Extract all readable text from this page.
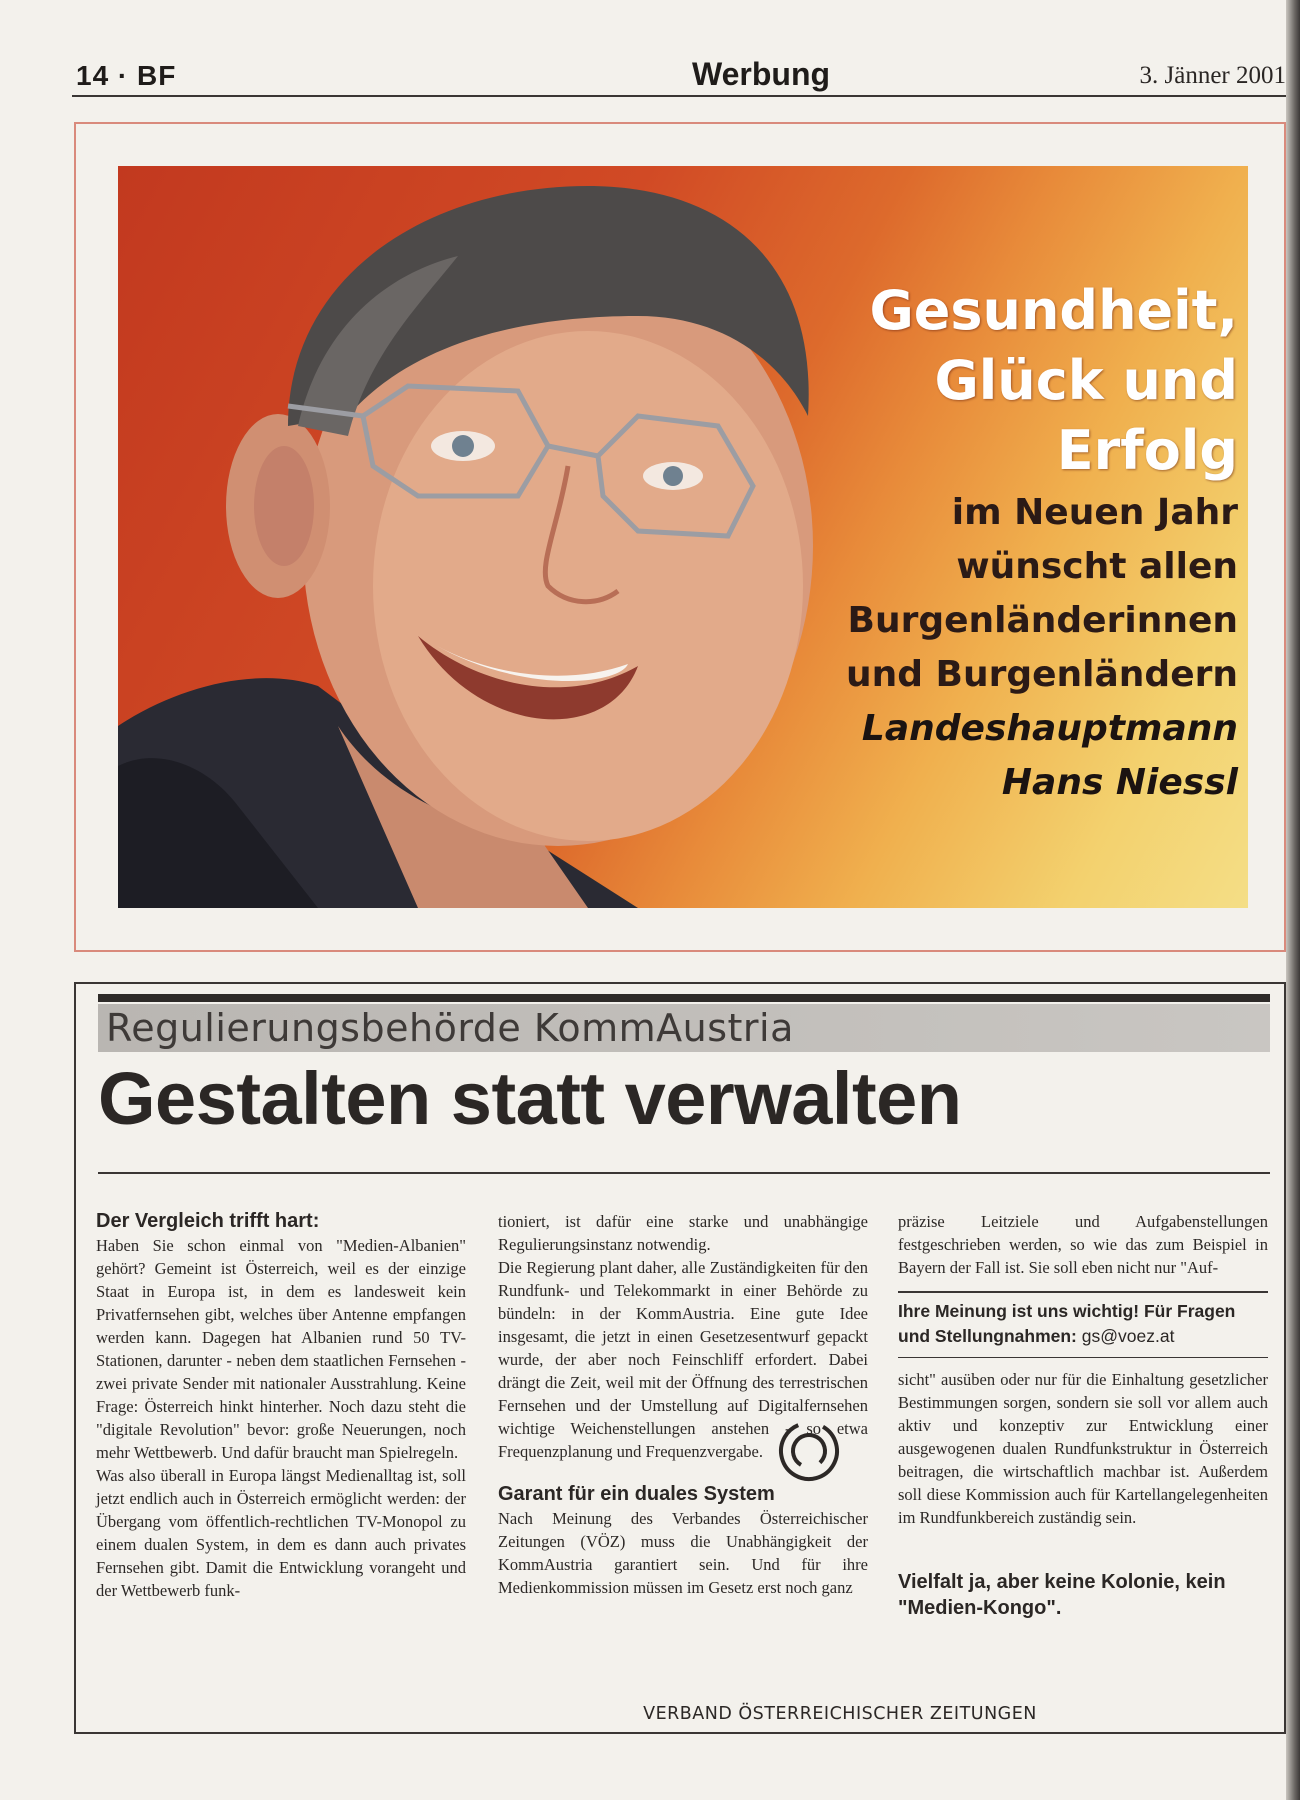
14 · BF	Werbung	3. Jänner 2001
Gesundheit,
Glück und
Erfolg
im Neuen Jahr
wünscht allen
Burgenländerinnen
und Burgenländern
Landeshauptmann
Hans Niessl
Regulierungsbehörde KommAustria
Gestalten statt verwalten
Der Vergleich trifft hart:

Haben Sie schon einmal von "Medien-Albanien" gehört? Gemeint ist Österreich, weil es der einzige Staat in Europa ist, in dem es landesweit kein Privatfernsehen gibt, welches über Antenne empfangen werden kann. Dagegen hat Albanien rund 50 TV-Stationen, darunter - neben dem staatlichen Fernsehen - zwei private Sender mit nationaler Ausstrahlung. Keine Frage: Österreich hinkt hinterher. Noch dazu steht die "digitale Revolution" bevor: große Neuerungen, noch mehr Wettbewerb. Und dafür braucht man Spielregeln.

Was also überall in Europa längst Medienalltag ist, soll jetzt endlich auch in Österreich ermöglicht werden: der Übergang vom öffentlich-rechtlichen TV-Monopol zu einem dualen System, in dem es dann auch privates Fernsehen gibt. Damit die Entwicklung vorangeht und der Wettbewerb funk-

tioniert, ist dafür eine starke und unabhängige Regulierungsinstanz notwendig.

Die Regierung plant daher, alle Zuständigkeiten für den Rundfunk- und Telekommarkt in einer Behörde zu bündeln: in der KommAustria. Eine gute Idee insgesamt, die jetzt in einen Gesetzesentwurf gepackt wurde, der aber noch Feinschliff erfordert. Dabei drängt die Zeit, weil mit der Öffnung des terrestrischen Fernsehen und der Umstellung auf Digitalfernsehen wichtige Weichenstellungen anstehen - so etwa Frequenzplanung und Frequenzvergabe.

Garant für ein duales System

Nach Meinung des Verbandes Österreichischer Zeitungen (VÖZ) muss die Unabhängigkeit der KommAustria garantiert sein. Und für ihre Medienkommission müssen im Gesetz erst noch ganz

präzise Leitziele und Aufgabenstellungen festgeschrieben werden, so wie das zum Beispiel in Bayern der Fall ist. Sie soll eben nicht nur "Auf-

Ihre Meinung ist uns wichtig! Für Fragen und Stellungnahmen: gs@voez.at

sicht" ausüben oder nur für die Einhaltung gesetzlicher Bestimmungen sorgen, sondern sie soll vor allem auch aktiv und konzeptiv zur Entwicklung einer ausgewogenen dualen Rundfunkstruktur in Österreich beitragen, die wirtschaftlich machbar ist. Außerdem soll diese Kommission auch für Kartellangelegenheiten im Rundfunkbereich zuständig sein.

Vielfalt ja, aber keine Kolonie, kein "Medien-Kongo".
VERBAND ÖSTERREICHISCHER ZEITUNGEN
